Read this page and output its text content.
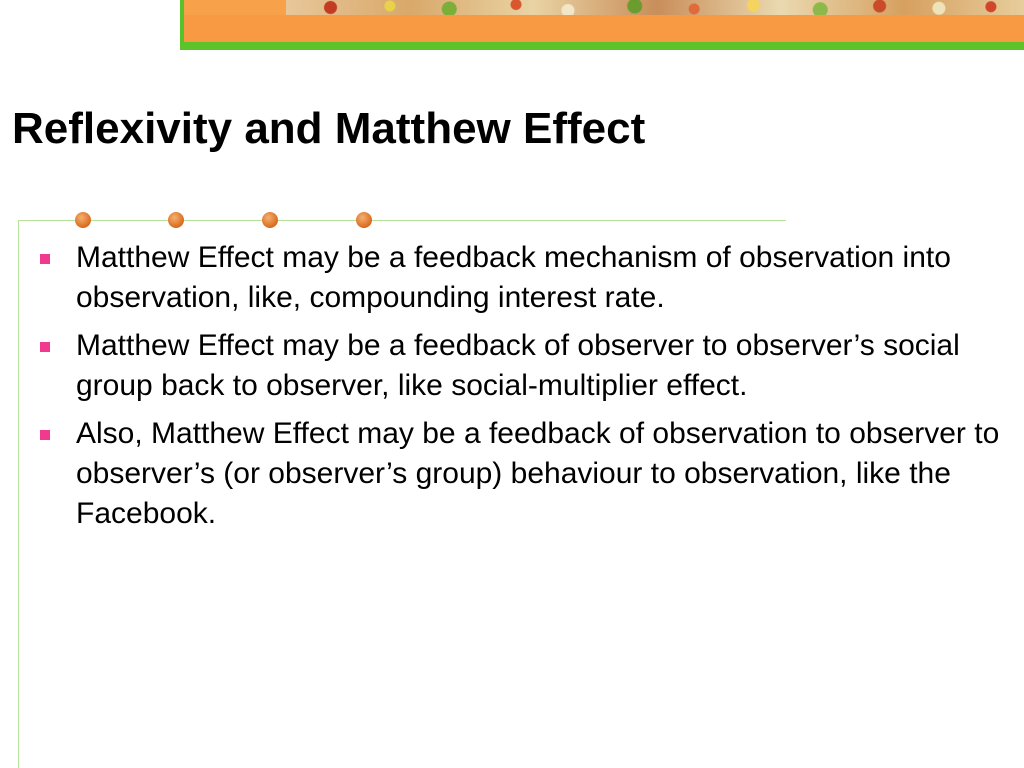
Reflexivity and Matthew Effect
Matthew Effect may be a feedback mechanism of observation into observation, like, compounding interest rate.
Matthew Effect may be a feedback of observer to observer’s social group back to observer, like social-multiplier effect.
Also, Matthew Effect may be a feedback of observation to observer to observer’s (or observer’s group) behaviour to observation, like the Facebook.
